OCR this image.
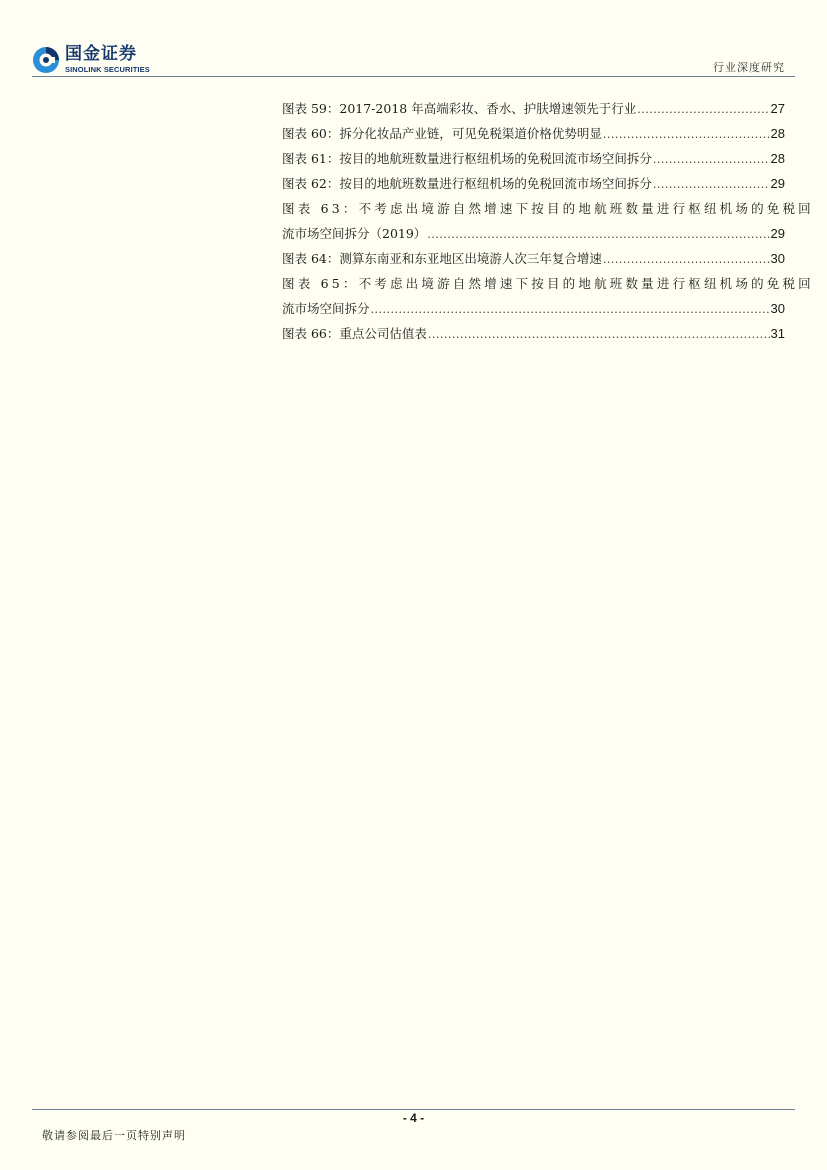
国金证券
SINOLINK SECURITIES	行业深度研究
图表 59：2017-2018 年高端彩妆、香水、护肤增速领先于行业 .....	27
图表 60：拆分化妆品产业链，可见免税渠道价格优势明显 .....	28
图表 61：按目的地航班数量进行枢纽机场的免税回流市场空间拆分 .....	28
图表 62：按目的地航班数量进行枢纽机场的免税回流市场空间拆分 .....	29
图表 63：不考虑出境游自然增速下按目的地航班数量进行枢纽机场的免税回
流市场空间拆分（2019） .....	29
图表 64：测算东南亚和东亚地区出境游人次三年复合增速 .....	30
图表 65：不考虑出境游自然增速下按目的地航班数量进行枢纽机场的免税回
流市场空间拆分 .....	30
图表 66：重点公司估值表 .....	31
- 4 -
敬请参阅最后一页特别声明
